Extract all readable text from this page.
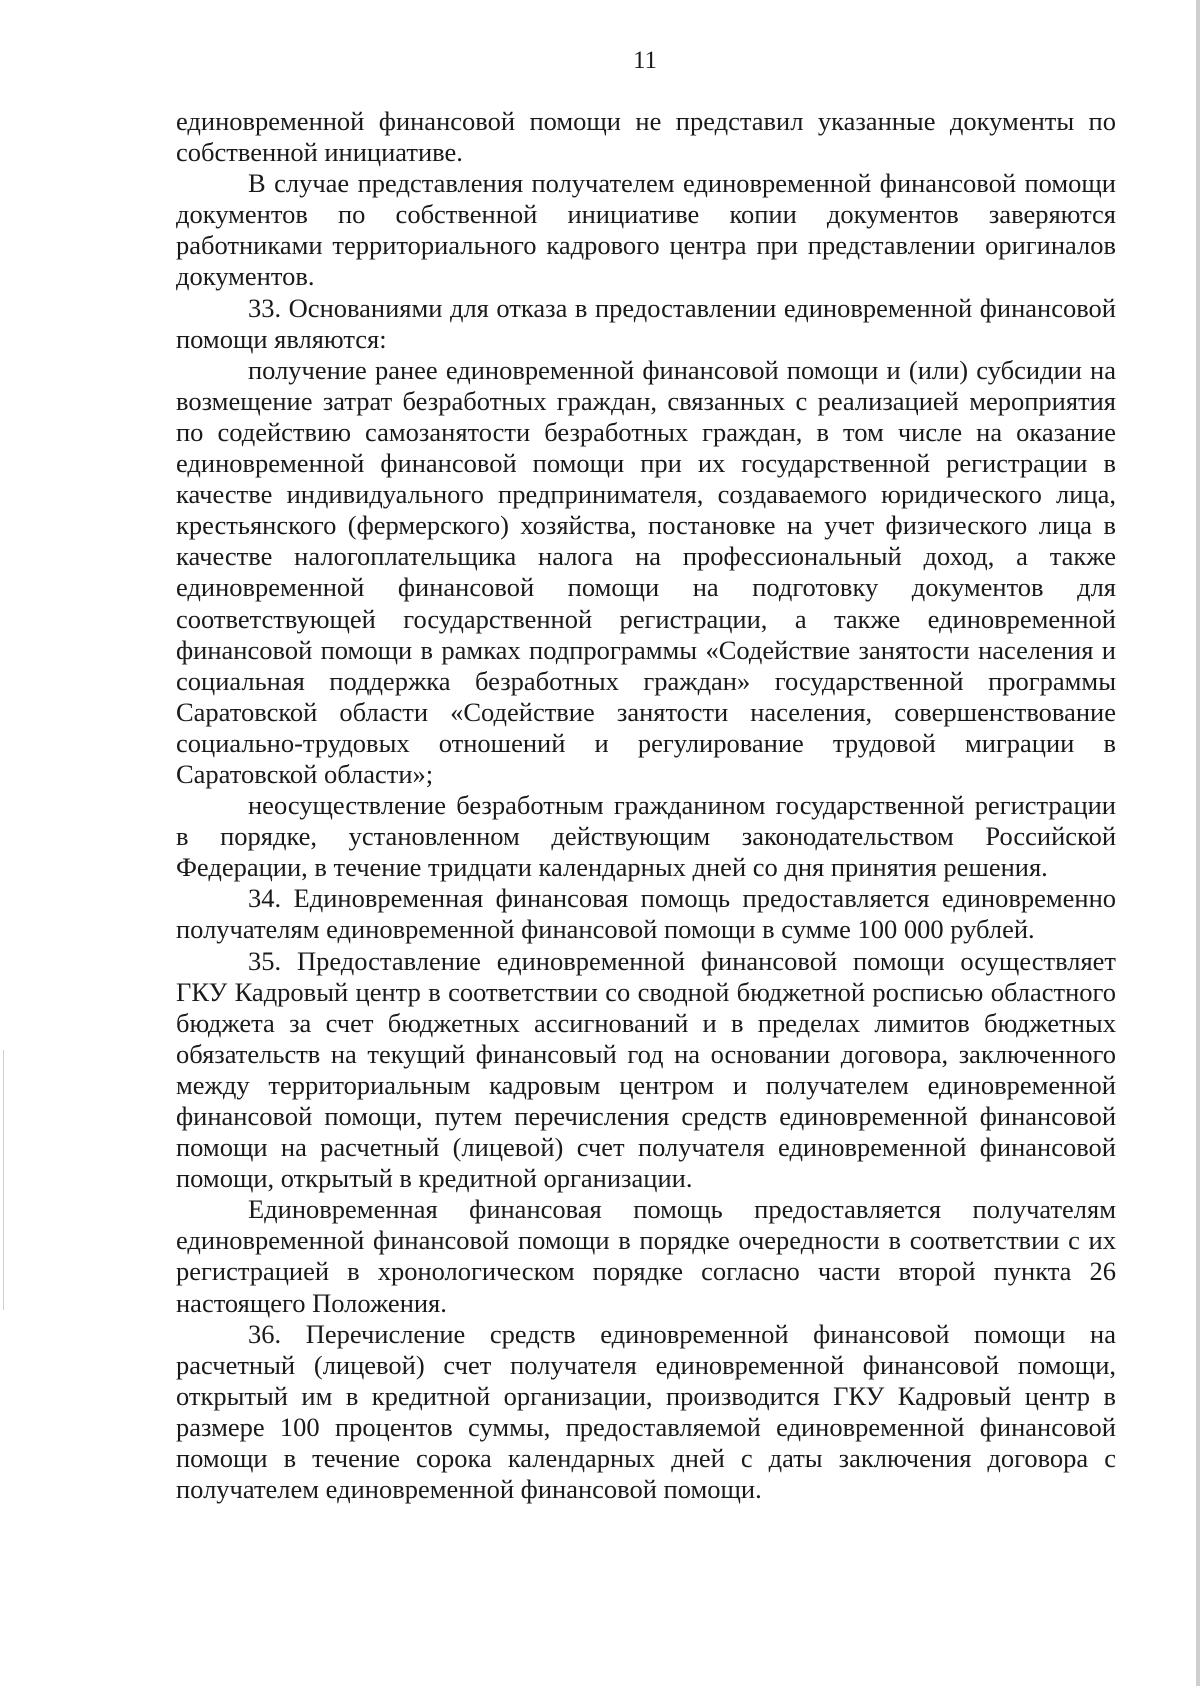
11

единовременной финансовой помощи не представил указанные документы по собственной инициативе.

В случае представления получателем единовременной финансовой помощи документов по собственной инициативе копии документов заверяются работниками территориального кадрового центра при представлении оригиналов документов.

33. Основаниями для отказа в предоставлении единовременной финансовой помощи являются:

получение ранее единовременной финансовой помощи и (или) субсидии на возмещение затрат безработных граждан, связанных с реализацией мероприятия по содействию самозанятости безработных граждан, в том числе на оказание единовременной финансовой помощи при их государственной регистрации в качестве индивидуального предпринимателя, создаваемого юридического лица, крестьянского (фермерского) хозяйства, постановке на учет физического лица в качестве налогоплательщика налога на профессиональный доход, а также единовременной финансовой помощи на подготовку документов для соответствующей государственной регистрации, а также единовременной финансовой помощи в рамках подпрограммы «Содействие занятости населения и социальная поддержка безработных граждан» государственной программы Саратовской области «Содействие занятости населения, совершенствование социально-трудовых отношений и регулирование трудовой миграции в Саратовской области»;

неосуществление безработным гражданином государственной регистрации в порядке, установленном действующим законодательством Российской Федерации, в течение тридцати календарных дней со дня принятия решения.

34. Единовременная финансовая помощь предоставляется единовременно получателям единовременной финансовой помощи в сумме 100 000 рублей.

35. Предоставление единовременной финансовой помощи осуществляет ГКУ Кадровый центр в соответствии со сводной бюджетной росписью областного бюджета за счет бюджетных ассигнований и в пределах лимитов бюджетных обязательств на текущий финансовый год на основании договора, заключенного между территориальным кадровым центром и получателем единовременной финансовой помощи, путем перечисления средств единовременной финансовой помощи на расчетный (лицевой) счет получателя единовременной финансовой помощи, открытый в кредитной организации.

Единовременная финансовая помощь предоставляется получателям единовременной финансовой помощи в порядке очередности в соответствии с их регистрацией в хронологическом порядке согласно части второй пункта 26 настоящего Положения.

36. Перечисление средств единовременной финансовой помощи на расчетный (лицевой) счет получателя единовременной финансовой помощи, открытый им в кредитной организации, производится ГКУ Кадровый центр в размере 100 процентов суммы, предоставляемой единовременной финансовой помощи в течение сорока календарных дней с даты заключения договора с получателем единовременной финансовой помощи.
